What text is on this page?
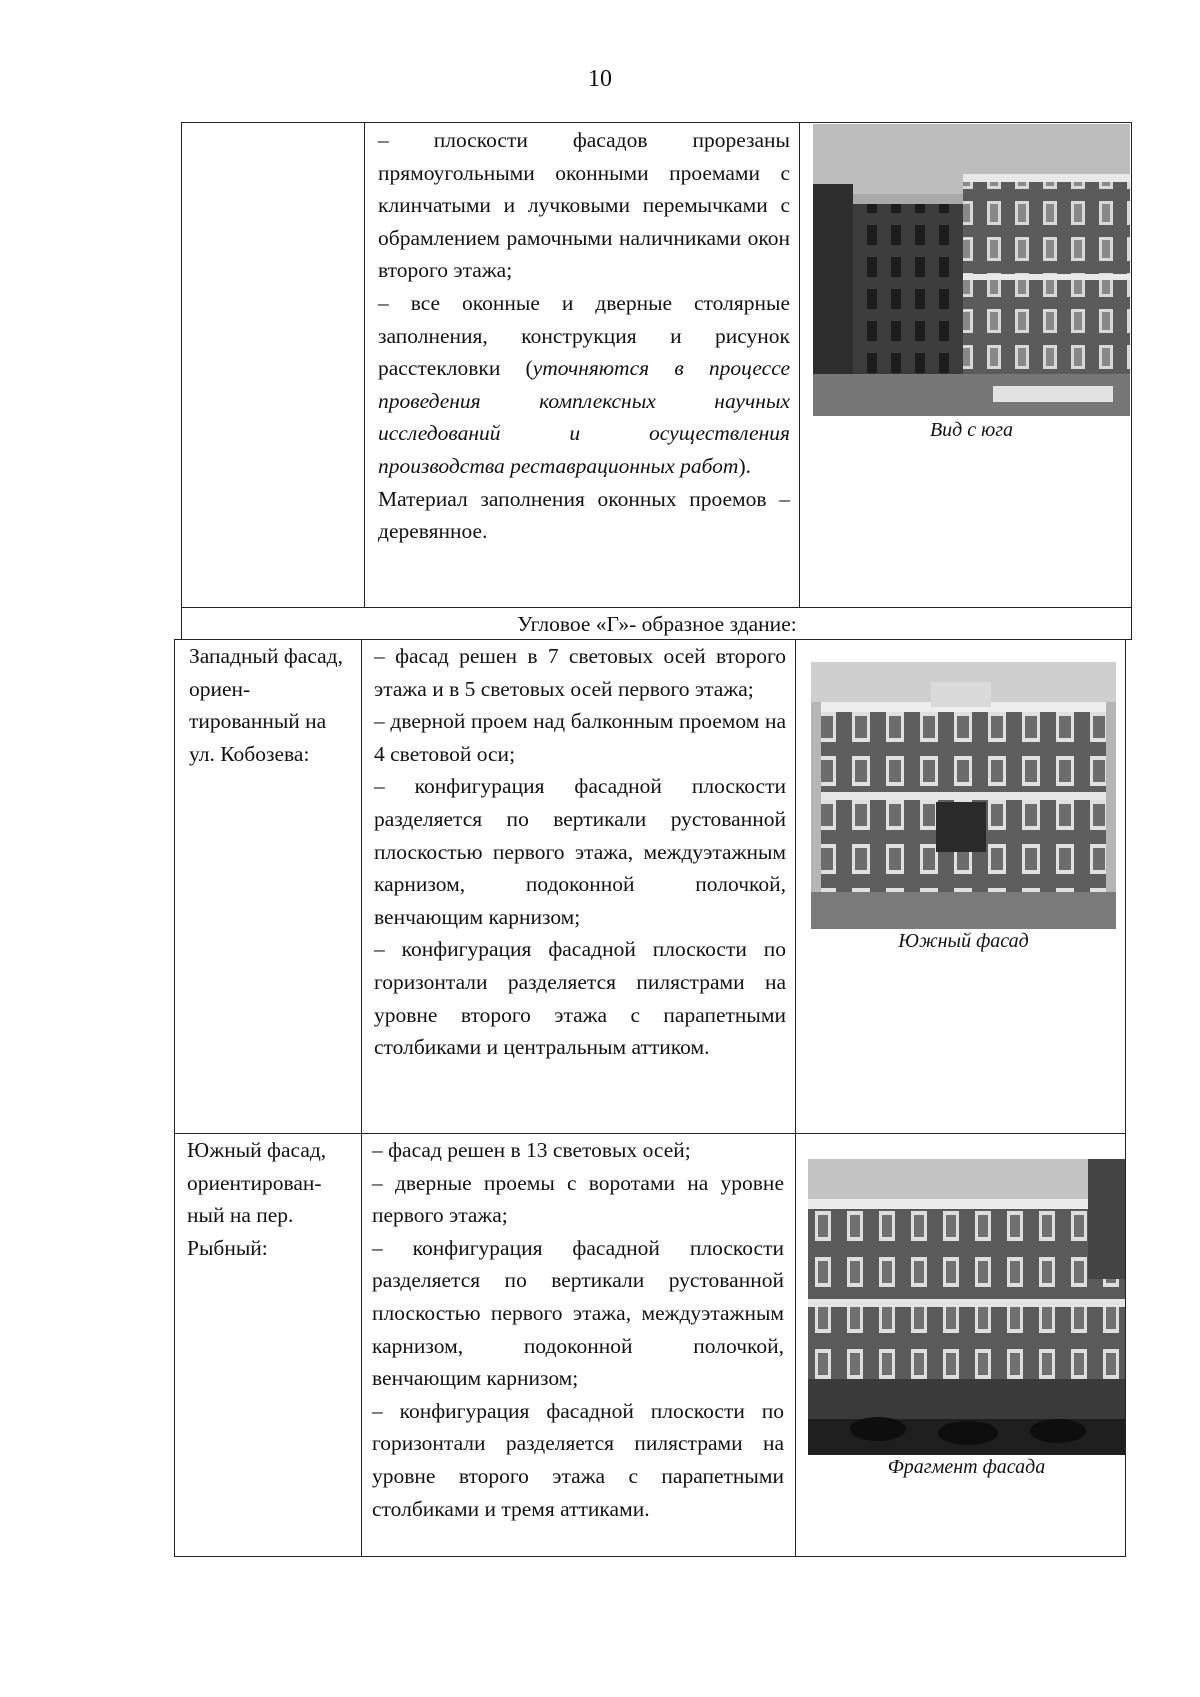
10
Угловое «Г»- образное здание:

– плоскости фасадов прорезаны прямоугольными оконными проемами с клинчатыми и лучковыми перемычками с обрамлением рамочными наличниками окон второго этажа;

– все оконные и дверные столярные заполнения, конструкция и рисунок расстекловки (уточняются в процессе проведения комплексных научных исследований и осуществления производства реставрационных работ).

Материал заполнения оконных проемов – деревянное.

Вид с юга
Западный фасад, ориен-тированный на ул. Кобозева:

– фасад решен в 7 световых осей второго этажа и в 5 световых осей первого этажа;

– дверной проем над балконным проемом на 4 световой оси;

– конфигурация фасадной плоскости разделяется по вертикали рустованной плоскостью первого этажа, междуэтажным карнизом, подоконной полочкой, венчающим карнизом;

– конфигурация фасадной плоскости по горизонтали разделяется пилястрами на уровне второго этажа с парапетными столбиками и центральным аттиком.

Южный фасад
Южный фасад, ориентирован-ный на пер. Рыбный:

– фасад решен в 13 световых осей;

– дверные проемы с воротами на уровне первого этажа;

– конфигурация фасадной плоскости разделяется по вертикали рустованной плоскостью первого этажа, междуэтажным карнизом, подоконной полочкой, венчающим карнизом;

– конфигурация фасадной плоскости по горизонтали разделяется пилястрами на уровне второго этажа с парапетными столбиками и тремя аттиками.

Фрагмент фасада
